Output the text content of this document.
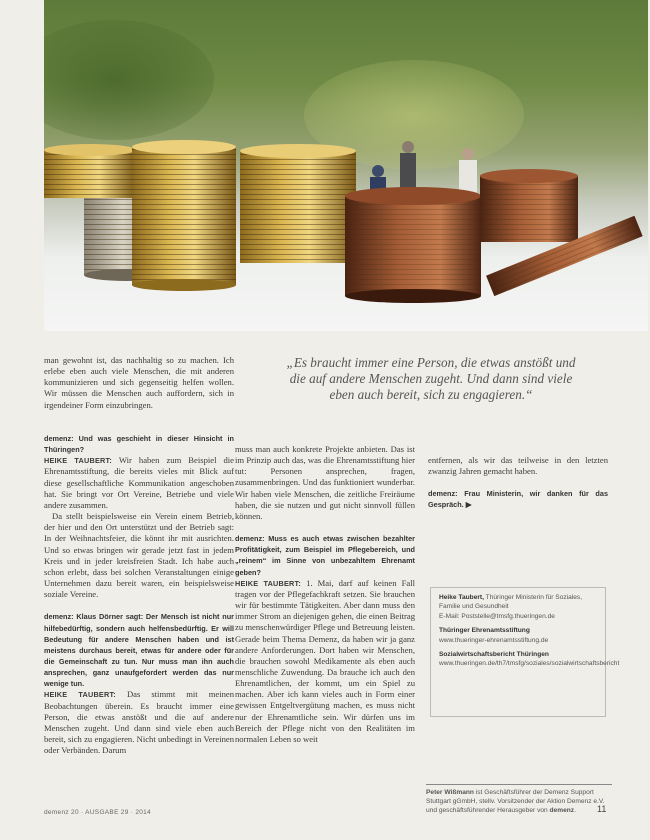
man gewohnt ist, das nachhaltig so zu machen. Ich erlebe eben auch viele Menschen, die mit anderen kommunizieren und sich gegenseitig helfen wollen. Wir müssen die Menschen auch auffordern, sich in irgendeiner Form einzubringen.

„Es braucht immer eine Person, die etwas anstößt und die auf andere Menschen zugeht. Und dann sind viele eben auch bereit, sich zu engagieren.“

demenz: Und was geschieht in dieser Hinsicht in Thüringen?

HEIKE TAUBERT: Wir haben zum Beispiel die Ehrenamtsstiftung, die bereits vieles mit Blick auf diese gesellschaftliche Kommunikation angeschoben hat. Sie bringt vor Ort Vereine, Betriebe und viele andere zusammen.

Da stellt beispielsweise ein Verein einem Betrieb, der hier und den Ort unterstützt und der Betrieb sagt: In der Weihnachtsfeier, die könnt ihr mit ausrichten. Und so etwas bringen wir gerade jetzt fast in jedem Kreis und in jeder kreisfreien Stadt. Ich habe auch schon erlebt, dass bei solchen Veranstaltungen einige Unternehmen dazu bereit waren, ein beispielsweise soziale Vereine.

demenz: Klaus Dörner sagt: Der Mensch ist nicht nur hilfebedürftig, sondern auch helfensbedürftig. Er will Bedeutung für andere Menschen haben und ist meistens durchaus bereit, etwas für andere oder für die Gemeinschaft zu tun. Nur muss man ihn auch ansprechen, ganz unaufgefordert werden das nur wenige tun.

HEIKE TAUBERT: Das stimmt mit meinen Beobachtungen überein. Es braucht immer eine Person, die etwas anstößt und die auf andere Menschen zugeht. Und dann sind viele eben auch bereit, sich zu engagieren. Nicht unbedingt in Vereinen oder Verbänden. Darum

muss man auch konkrete Projekte anbieten. Das ist im Prinzip auch das, was die Ehrenamtsstiftung hier tut: Personen ansprechen, fragen, zusammenbringen. Und das funktioniert wunderbar. Wir haben viele Menschen, die zeitliche Freiräume haben, die sie nutzen und gut nicht sinnvoll füllen können.

demenz: Muss es auch etwas zwischen bezahlter Profitätigkeit, zum Beispiel im Pflegebereich, und „reinem“ im Sinne von unbezahltem Ehrenamt geben?

HEIKE TAUBERT: 1. Mai, darf auf keinen Fall tragen vor der Pflegefachkraft setzen. Sie brauchen wir für bestimmte Tätigkeiten. Aber dann muss den immer Strom an diejenigen gehen, die einen Beitrag zu menschenwürdiger Pflege und Betreuung leisten. Gerade beim Thema Demenz, da haben wir ja ganz andere Anforderungen. Dort haben wir Menschen, die brauchen sowohl Medikamente als eben auch menschliche Zuwendung. Da brauche ich auch den Ehrenamtlichen, der kommt, um ein Spiel zu machen. Aber ich kann vieles auch in Form einer gewissen Entgeltvergütung machen, es muss nicht nur der Ehrenamtliche sein. Wir dürfen uns im Bereich der Pflege nicht von den Realitäten im normalen Leben so weit

entfernen, als wir das teilweise in den letzten zwanzig Jahren gemacht haben.

demenz: Frau Ministerin, wir danken für das Gespräch. ▶

Heike Taubert, Thüringer Ministerin für Soziales, Familie und Gesundheit
E-Mail: Poststelle@tmsfg.thueringen.de
Thüringer Ehrenamtsstiftung
www.thueringer-ehrenamtsstiftung.de
Sozialwirtschaftsbericht Thüringen
www.thueringen.de/th7/tmsfg/soziales/sozialwirtschaftsbericht
Peter Wißmann ist Geschäftsführer der Demenz Support Stuttgart gGmbH, stellv. Vorsitzender der Aktion Demenz e.V. und geschäftsführender Herausgeber von demenz.
demenz 20 · AUSGABE 29 · 2014	11
